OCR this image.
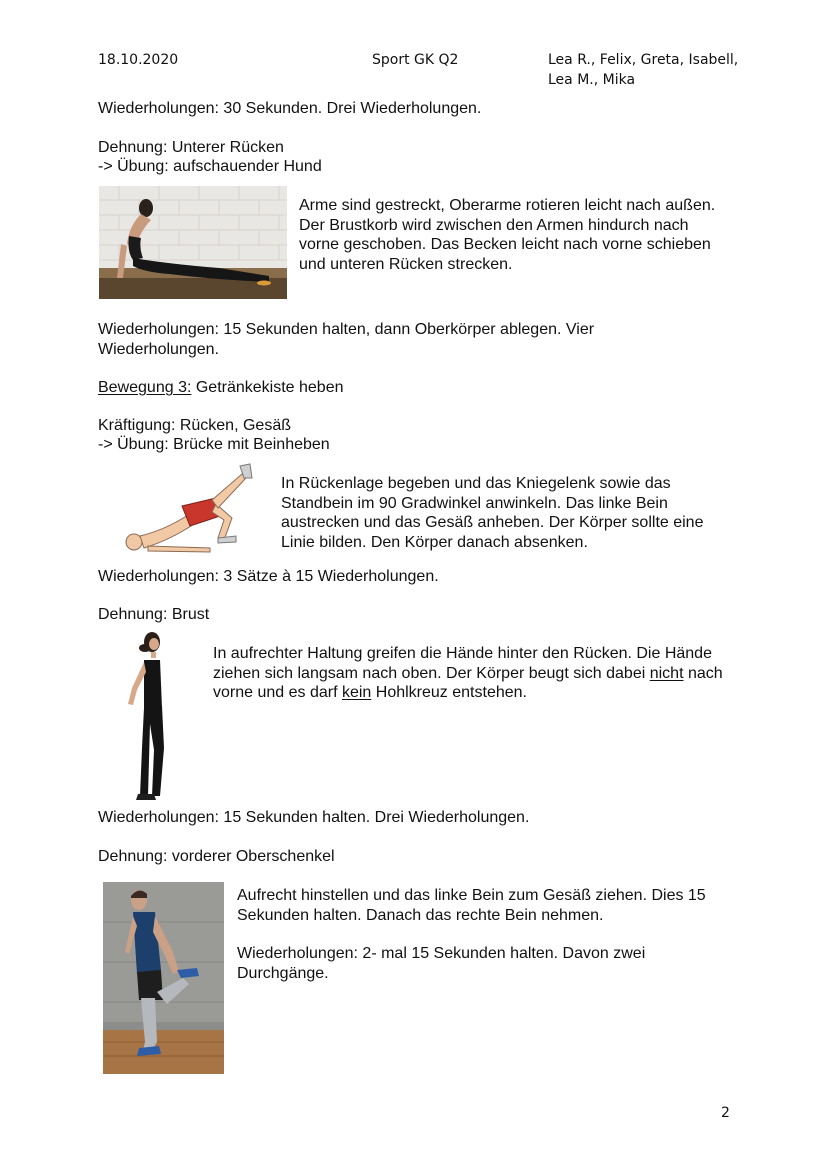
18.10.2020	Sport GK Q2	Lea R., Felix, Greta, Isabell,
Lea M., Mika
Wiederholungen: 30 Sekunden. Drei Wiederholungen.
Dehnung: Unterer Rücken
-> Übung: aufschauender Hund
Arme sind gestreckt, Oberarme rotieren leicht nach außen. Der Brustkorb wird zwischen den Armen hindurch nach vorne geschoben. Das Becken leicht nach vorne schieben und unteren Rücken strecken.
Wiederholungen: 15 Sekunden halten, dann Oberkörper ablegen. Vier Wiederholungen.
Bewegung 3: Getränkekiste heben
Kräftigung: Rücken, Gesäß
-> Übung: Brücke mit Beinheben
In Rückenlage begeben und das Kniegelenk sowie das Standbein im 90 Gradwinkel anwinkeln. Das linke Bein austrecken und das Gesäß anheben. Der Körper sollte eine Linie bilden. Den Körper danach absenken.
Wiederholungen: 3 Sätze à 15 Wiederholungen.
Dehnung: Brust
In aufrechter Haltung greifen die Hände hinter den Rücken. Die Hände ziehen sich langsam nach oben. Der Körper beugt sich dabei nicht nach vorne und es darf kein Hohlkreuz entstehen.
Wiederholungen: 15 Sekunden halten. Drei Wiederholungen.
Dehnung: vorderer Oberschenkel
Aufrecht hinstellen und das linke Bein zum Gesäß ziehen. Dies 15 Sekunden halten. Danach das rechte Bein nehmen.
Wiederholungen: 2- mal 15 Sekunden halten. Davon zwei Durchgänge.
2
